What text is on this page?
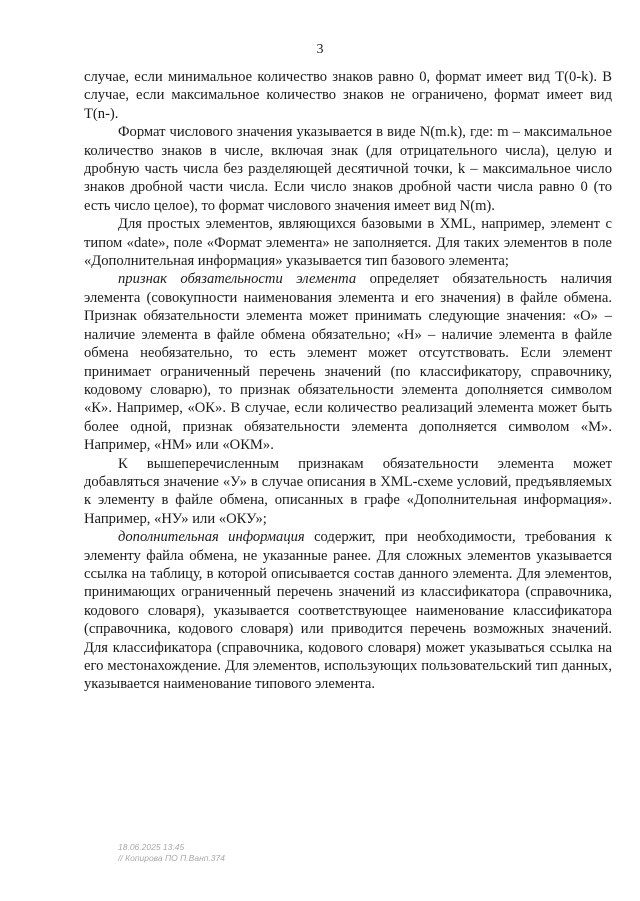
3

случае, если минимальное количество знаков равно 0, формат имеет вид T(0-k). В случае, если максимальное количество знаков не ограничено, формат имеет вид T(n-).

Формат числового значения указывается в виде N(m.k), где: m – максимальное количество знаков в числе, включая знак (для отрицательного числа), целую и дробную часть числа без разделяющей десятичной точки, k – максимальное число знаков дробной части числа. Если число знаков дробной части числа равно 0 (то есть число целое), то формат числового значения имеет вид N(m).

Для простых элементов, являющихся базовыми в XML, например, элемент с типом «date», поле «Формат элемента» не заполняется. Для таких элементов в поле «Дополнительная информация» указывается тип базового элемента;

признак обязательности элемента определяет обязательность наличия элемента (совокупности наименования элемента и его значения) в файле обмена. Признак обязательности элемента может принимать следующие значения: «О» – наличие элемента в файле обмена обязательно; «Н» – наличие элемента в файле обмена необязательно, то есть элемент может отсутствовать. Если элемент принимает ограниченный перечень значений (по классификатору, справочнику, кодовому словарю), то признак обязательности элемента дополняется символом «К». Например, «ОК». В случае, если количество реализаций элемента может быть более одной, признак обязательности элемента дополняется символом «М». Например, «НМ» или «ОКМ».

К вышеперечисленным признакам обязательности элемента может добавляться значение «У» в случае описания в XML-схеме условий, предъявляемых к элементу в файле обмена, описанных в графе «Дополнительная информация». Например, «НУ» или «ОКУ»;

дополнительная информация содержит, при необходимости, требования к элементу файла обмена, не указанные ранее. Для сложных элементов указывается ссылка на таблицу, в которой описывается состав данного элемента. Для элементов, принимающих ограниченный перечень значений из классификатора (справочника, кодового словаря), указывается соответствующее наименование классификатора (справочника, кодового словаря) или приводится перечень возможных значений. Для классификатора (справочника, кодового словаря) может указываться ссылка на его местонахождение. Для элементов, использующих пользовательский тип данных, указывается наименование типового элемента.

18.06.2025 13:45
// Копирова ПО П.Ванп.374
